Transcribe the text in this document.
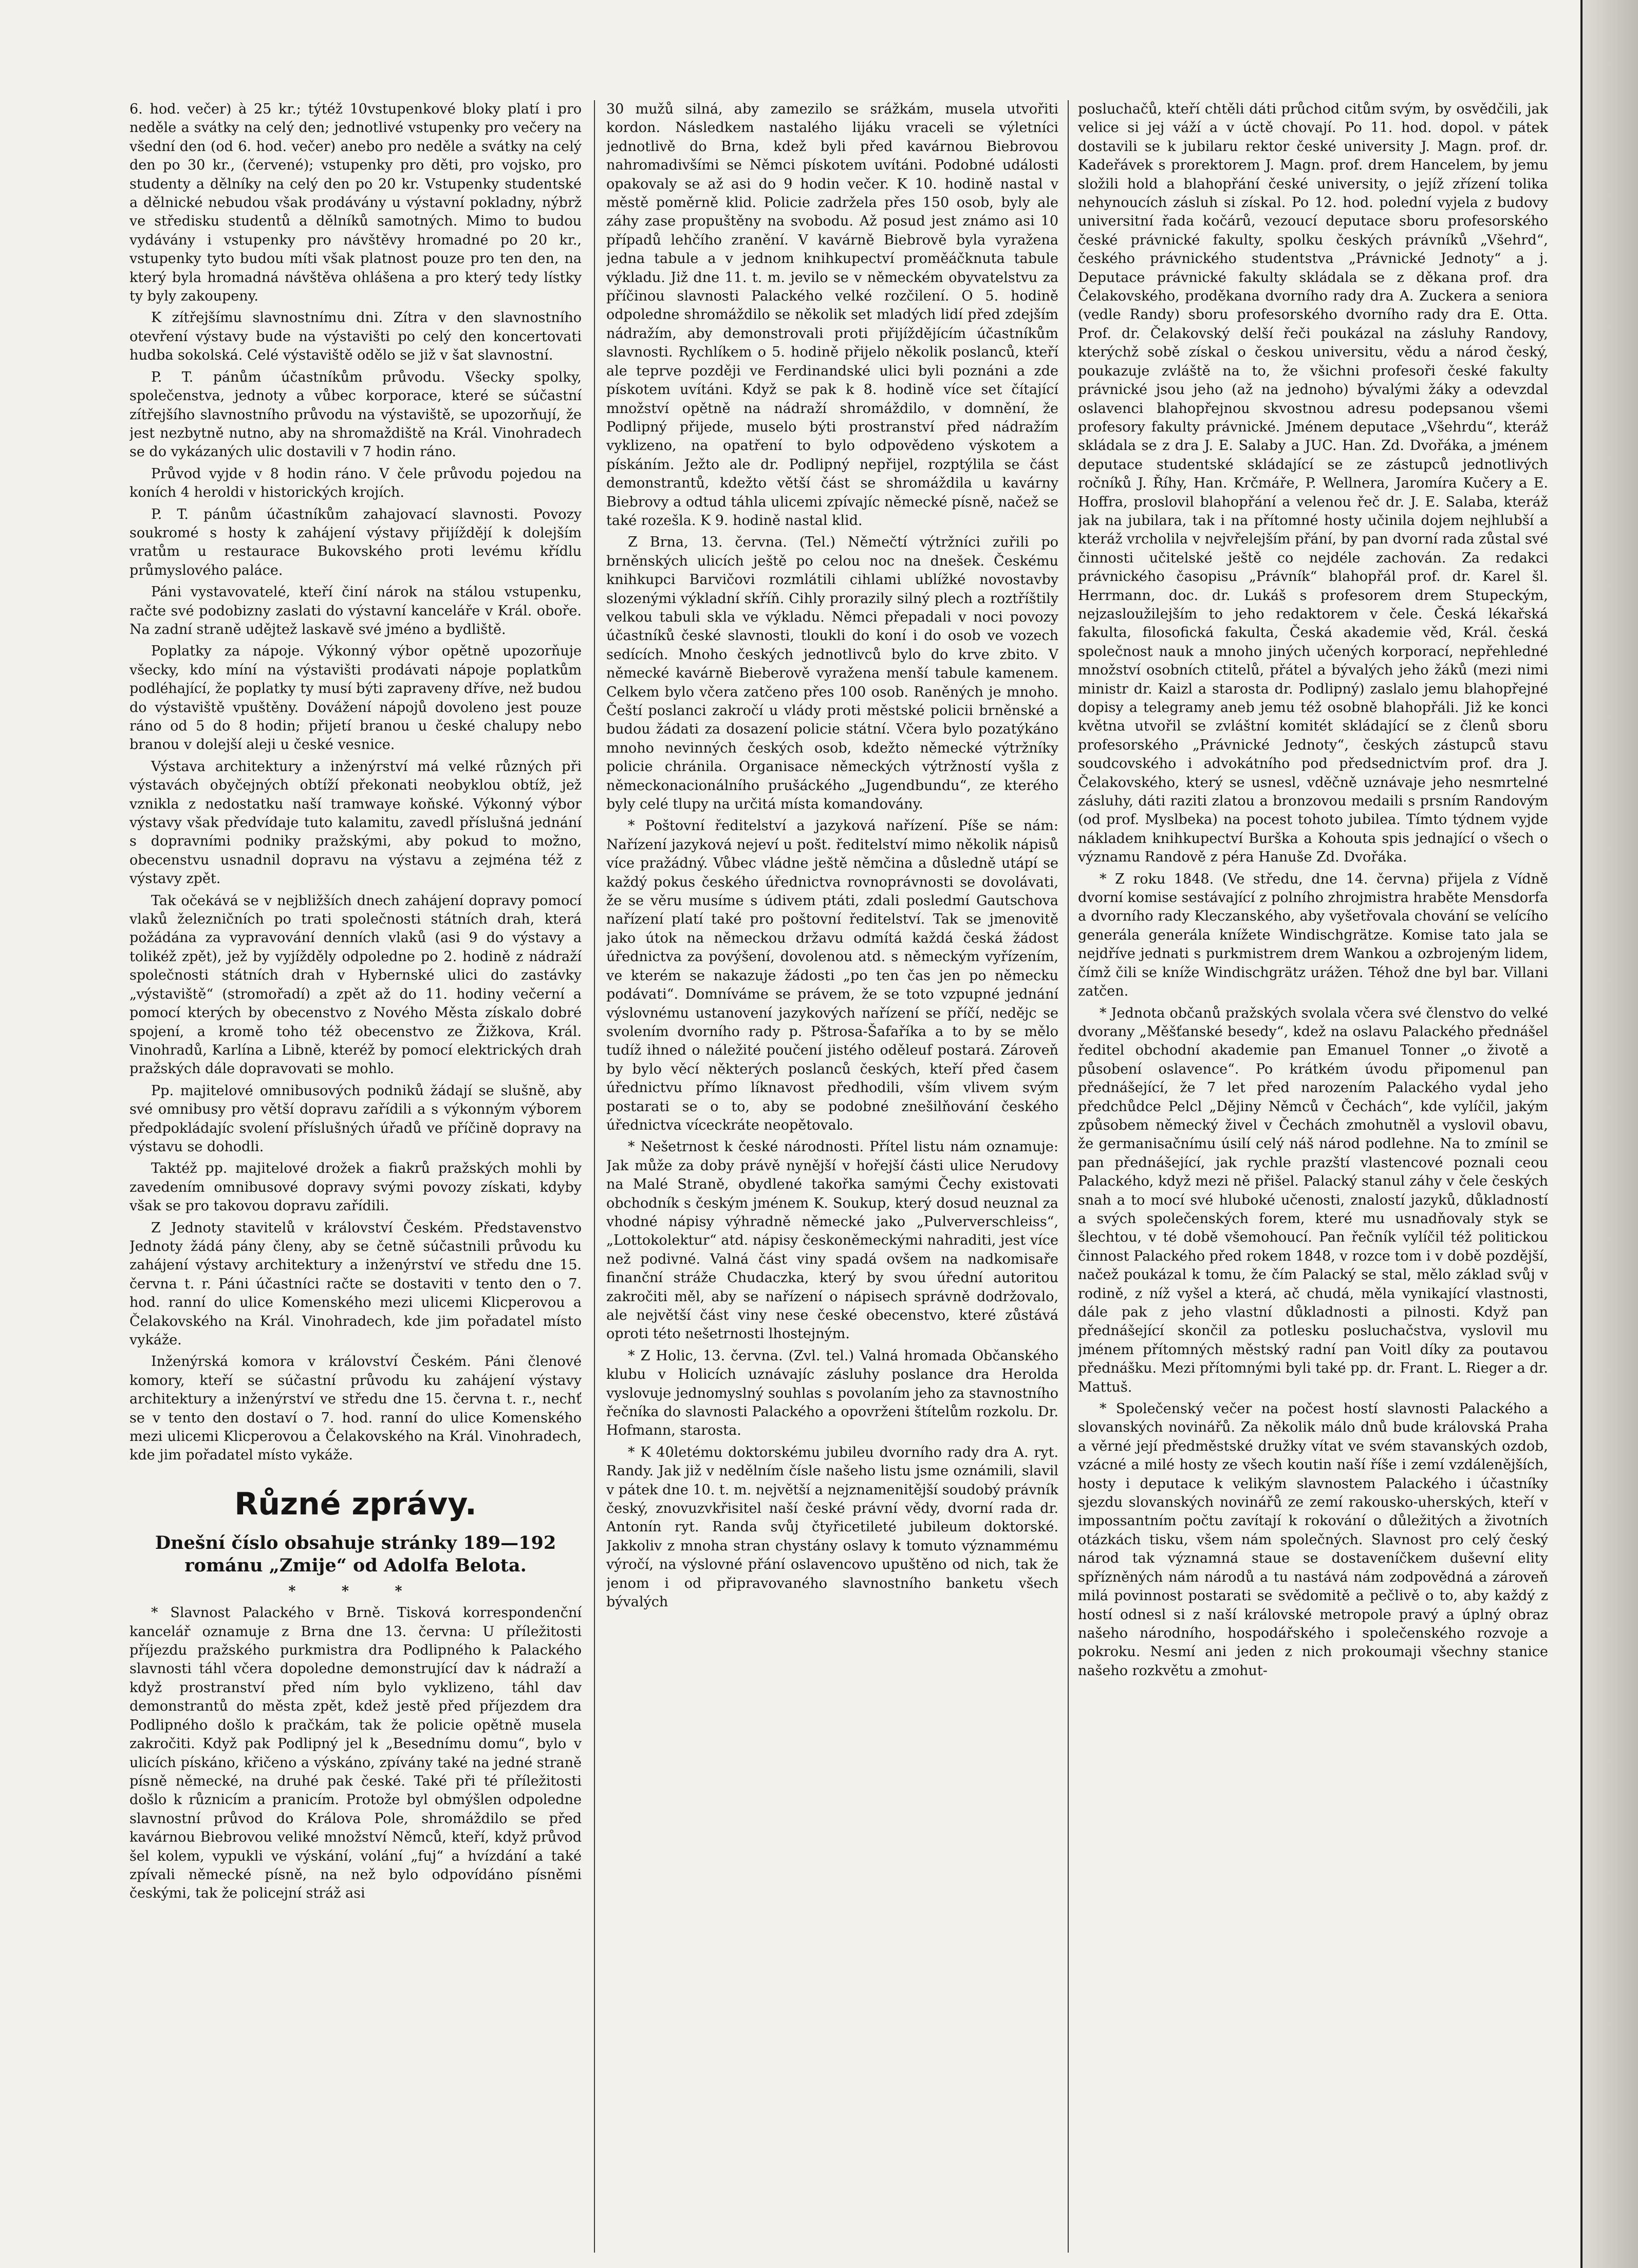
6. hod. večer) à 25 kr.; týtéž 10vstupenkové bloky platí i pro neděle a svátky na celý den; jednotlivé vstupenky pro večery na všední den (od 6. hod. večer) anebo pro neděle a svátky na celý den po 30 kr., (červené); vstupenky pro děti, pro vojsko, pro studenty a dělníky na celý den po 20 kr. Vstupenky studentské a dělnické nebudou však prodávány u výstavní pokladny, nýbrž ve středisku studentů a dělníků samotných. Mimo to budou vydávány i vstupenky pro návštěvy hromadné po 20 kr., vstupenky tyto budou míti však platnost pouze pro ten den, na který byla hromadná návštěva ohlášena a pro který tedy lístky ty byly zakoupeny.

K zítřejšímu slavnostnímu dni. Zítra v den slavnostního otevření výstavy bude na výstavišti po celý den koncertovati hudba sokolská. Celé výstaviště odělo se již v šat slavnostní.

P. T. pánům účastníkům průvodu. Všecky spolky, společenstva, jednoty a vůbec korporace, které se súčastní zítřejšího slavnostního průvodu na výstaviště, se upozorňují, že jest nezbytně nutno, aby na shromaždiště na Král. Vinohradech se do vykázaných ulic dostavili v 7 hodin ráno.

Průvod vyjde v 8 hodin ráno. V čele průvodu pojedou na koních 4 heroldi v historických krojích.

P. T. pánům účastníkům zahajovací slavnosti. Povozy soukromé s hosty k zahájení výstavy přijíždějí k dolejším vratům u restaurace Bukovského proti levému křídlu průmyslového paláce.

Páni vystavovatelé, kteří činí nárok na stálou vstupenku, račte své podobizny zaslati do výstavní kanceláře v Král. oboře. Na zadní straně udějtež laskavě své jméno a bydliště.

Poplatky za nápoje. Výkonný výbor opětně upozorňuje všecky, kdo míní na výstavišti prodávati nápoje poplatkům podléhající, že poplatky ty musí býti zapraveny dříve, než budou do výstaviště vpuštěny. Dovážení nápojů dovoleno jest pouze ráno od 5 do 8 hodin; přijetí branou u české chalupy nebo branou v dolejší aleji u české vesnice.

Výstava architektury a inženýrství má velké různých při výstavách obyčejných obtíží překonati neobyklou obtíž, jež vznikla z nedostatku naší tramwaye koňské. Výkonný výbor výstavy však předvídaje tuto kalamitu, zavedl příslušná jednání s dopravními podniky pražskými, aby pokud to možno, obecenstvu usnadnil dopravu na výstavu a zejména též z výstavy zpět.

Tak očekává se v nejbližších dnech zahájení dopravy pomocí vlaků železničních po trati společnosti státních drah, která požádána za vypravování denních vlaků (asi 9 do výstavy a tolikéž zpět), jež by vyjížděly odpoledne po 2. hodině z nádraží společnosti státních drah v Hybernské ulici do zastávky „výstaviště“ (stromořadí) a zpět až do 11. hodiny večerní a pomocí kterých by obecenstvo z Nového Města získalo dobré spojení, a kromě toho též obecenstvo ze Žižkova, Král. Vinohradů, Karlína a Libně, kteréž by pomocí elektrických drah pražských dále dopravovati se mohlo.

Pp. majitelové omnibusových podniků žádají se slušně, aby své omnibusy pro větší dopravu zařídili a s výkonným výborem předpokládajíc svolení příslušných úřadů ve příčině dopravy na výstavu se dohodli.

Taktéž pp. majitelové drožek a fiakrů pražských mohli by zavedením omnibusové dopravy svými povozy získati, kdyby však se pro takovou dopravu zařídili.

Z Jednoty stavitelů v království Českém. Představenstvo Jednoty žádá pány členy, aby se četně súčastnili průvodu ku zahájení výstavy architektury a inženýrství ve středu dne 15. června t. r. Páni účastníci račte se dostaviti v tento den o 7. hod. ranní do ulice Komenského mezi ulicemi Klicperovou a Čelakovského na Král. Vinohradech, kde jim pořadatel místo vykáže.

Inženýrská komora v království Českém. Páni členové komory, kteří se súčastní průvodu ku zahájení výstavy architektury a inženýrství ve středu dne 15. června t. r., nechť se v tento den dostaví o 7. hod. ranní do ulice Komenského mezi ulicemi Klicperovou a Čelakovského na Král. Vinohradech, kde jim pořadatel místo vykáže.

Různé zprávy.

Dnešní číslo obsahuje stránky 189—192 románu „Zmije“ od Adolfa Belota.

* * *

* Slavnost Palackého v Brně. Tisková korrespondenční kancelář oznamuje z Brna dne 13. června: U příležitosti příjezdu pražského purkmistra dra Podlipného k Palackého slavnosti táhl včera dopoledne demonstrující dav k nádraží a když prostranství před ním bylo vyklizeno, táhl dav demonstrantů do města zpět, kdež jestě před příjezdem dra Podlipného došlo k pračkám, tak že policie opětně musela zakročiti. Když pak Podlipný jel k „Besednímu domu“, bylo v ulicích pískáno, křičeno a výskáno, zpívány také na jedné straně písně německé, na druhé pak české. Také při té příležitosti došlo k různicím a pranicím. Protože byl obmýšlen odpoledne slavnostní průvod do Králova Pole, shromáždilo se před kavárnou Biebrovou veliké množství Němců, kteří, když průvod šel kolem, vypukli ve výskání, volání „fuj“ a hvízdání a také zpívali německé písně, na než bylo odpovídáno písněmi českými, tak že policejní stráž asi

30 mužů silná, aby zamezilo se srážkám, musela utvořiti kordon. Následkem nastalého lijáku vraceli se výletníci jednotlivě do Brna, kdež byli před kavárnou Biebrovou nahromadivšími se Němci pískotem uvítáni. Podobné události opakovaly se až asi do 9 hodin večer. K 10. hodině nastal v městě poměrně klid. Policie zadržela přes 150 osob, byly ale záhy zase propuštěny na svobodu. Až posud jest známo asi 10 případů lehčího zranění. V kavárně Biebrově byla vyražena jedna tabule a v jednom knihkupectví proměáčknuta tabule výkladu. Již dne 11. t. m. jevilo se v německém obyvatelstvu za příčinou slavnosti Palackého velké rozčilení. O 5. hodině odpoledne shromáždilo se několik set mladých lidí před zdejším nádražím, aby demonstrovali proti přijíždějícím účastníkům slavnosti. Rychlíkem o 5. hodině přijelo několik poslanců, kteří ale teprve později ve Ferdinandské ulici byli poznáni a zde pískotem uvítáni. Když se pak k 8. hodině více set čítající množství opětně na nádraží shromáždilo, v domnění, že Podlipný přijede, muselo býti prostranství před nádražím vyklizeno, na opatření to bylo odpovědeno výskotem a pískáním. Ježto ale dr. Podlipný nepřijel, rozptýlila se část demonstrantů, kdežto větší část se shromáždila u kavárny Biebrovy a odtud táhla ulicemi zpívajíc německé písně, načež se také rozešla. K 9. hodině nastal klid.

Z Brna, 13. června. (Tel.) Němečtí výtržníci zuřili po brněnských ulicích ještě po celou noc na dnešek. Českému knihkupci Barvičovi rozmlátili cihlami ublížké novostavby slozenými výkladní skříň. Cihly prorazily silný plech a roztříštily velkou tabuli skla ve výkladu. Němci přepadali v noci povozy účastníků české slavnosti, tloukli do koní i do osob ve vozech sedících. Mnoho českých jednotlivců bylo do krve zbito. V německé kavárně Bieberově vyražena menší tabule kamenem. Celkem bylo včera zatčeno přes 100 osob. Raněných je mnoho. Čeští poslanci zakročí u vlády proti městské policii brněnské a budou žádati za dosazení policie státní. Včera bylo pozatýkáno mnoho nevinných českých osob, kdežto německé výtržníky policie chránila. Organisace německých výtržností vyšla z německonacionálního prušáckého „Jugendbundu“, ze kterého byly celé tlupy na určitá místa komandovány.

* Poštovní ředitelství a jazyková nařízení. Píše se nám: Nařízení jazyková nejeví u pošt. ředitelství mimo několik nápisů více pražádný. Vůbec vládne ještě němčina a důsledně utápí se každý pokus českého úřednictva rovnoprávnosti se dovolávati, že se věru musíme s údivem ptáti, zdali posledmí Gautschova nařízení platí také pro poštovní ředitelství. Tak se jmenovitě jako útok na německou državu odmítá každá česká žádost úřednictva za povýšení, dovolenou atd. s německým vyřízením, ve kterém se nakazuje žádosti „po ten čas jen po německu podávati“. Domníváme se právem, že se toto vzpupné jednání výslovnému ustanovení jazykových nařízení se příčí, nedějc se svolením dvorního rady p. Pštrosa-Šafaříka a to by se mělo tudíž ihned o náležité poučení jistého oděleuf postará. Zároveň by bylo věcí některých poslanců českých, kteří před časem úřednictvu přímo líknavost předhodili, vším vlivem svým postarati se o to, aby se podobné znešilňování českého úřednictva víceckráte neopětovalo.

* Nešetrnost k české národnosti. Přítel listu nám oznamuje: Jak může za doby právě nynější v hořejší části ulice Nerudovy na Malé Straně, obydlené takořka samými Čechy existovati obchodník s českým jménem K. Soukup, který dosud neuznal za vhodné nápisy výhradně německé jako „Pulververschleiss“, „Lottokolektur“ atd. nápisy českoněmeckými nahraditi, jest více než podivné. Valná část viny spadá ovšem na nadkomisaře finanční stráže Chudaczka, který by svou úřední autoritou zakročiti měl, aby se nařízení o nápisech správně dodržovalo, ale největší část viny nese české obecenstvo, které zůstává oproti této nešetrnosti lhostejným.

* Z Holic, 13. června. (Zvl. tel.) Valná hromada Občanského klubu v Holicích uznávajíc zásluhy poslance dra Herolda vyslovuje jednomyslný souhlas s povolaním jeho za stavnostního řečníka do slavnosti Palackého a opovrženi štítelům rozkolu. Dr. Hofmann, starosta.

* K 40letému doktorskému jubileu dvorního rady dra A. ryt. Randy. Jak již v nedělním čísle našeho listu jsme oznámili, slavil v pátek dne 10. t. m. největší a nejznamenitější soudobý právník český, znovuzvkřisitel naší české právní vědy, dvorní rada dr. Antonín ryt. Randa svůj čtyřicetileté jubileum doktorské. Jakkoliv z mnoha stran chystány oslavy k tomuto význammému výročí, na výslovné přání oslavencovo upuštěno od nich, tak že jenom i od připravovaného slavnostního banketu všech bývalých

posluchačů, kteří chtěli dáti průchod citům svým, by osvědčili, jak velice si jej váží a v úctě chovají. Po 11. hod. dopol. v pátek dostavili se k jubilaru rektor české university J. Magn. prof. dr. Kadeřávek s prorektorem J. Magn. prof. drem Hancelem, by jemu složili hold a blahopřání české university, o jejíž zřízení tolika nehynoucích zásluh si získal. Po 12. hod. polední vyjela z budovy universitní řada kočárů, vezoucí deputace sboru profesorského české právnické fakulty, spolku českých právníků „Všehrd“, českého právnického studentstva „Právnické Jednoty“ a j. Deputace právnické fakulty skládala se z děkana prof. dra Čelakovského, proděkana dvorního rady dra A. Zuckera a seniora (vedle Randy) sboru profesorského dvorního rady dra E. Otta. Prof. dr. Čelakovský delší řeči poukázal na zásluhy Randovy, kterýchž sobě získal o českou universitu, vědu a národ český, poukazuje zvláště na to, že všichni profesoři české fakulty právnické jsou jeho (až na jednoho) bývalými žáky a odevzdal oslavenci blahopřejnou skvostnou adresu podepsanou všemi profesory fakulty právnické. Jménem deputace „Všehrdu“, kteráž skládala se z dra J. E. Salaby a JUC. Han. Zd. Dvořáka, a jménem deputace studentské skládající se ze zástupců jednotlivých ročníků J. Říhy, Han. Krčmáře, P. Wellnera, Jaromíra Kučery a E. Hoffra, proslovil blahopřání a velenou řeč dr. J. E. Salaba, kteráž jak na jubilara, tak i na přítomné hosty učinila dojem nejhlubší a kteráž vrcholila v nejvřelejším přání, by pan dvorní rada zůstal své činnosti učitelské ještě co nejdéle zachován. Za redakci právnického časopisu „Právník“ blahopřál prof. dr. Karel šl. Herrmann, doc. dr. Lukáš s profesorem drem Stupeckým, nejzasloužilejším to jeho redaktorem v čele. Česká lékařská fakulta, filosofická fakulta, Česká akademie věd, Král. česká společnost nauk a mnoho jiných učených korporací, nepřehledné množství osobních ctitelů, přátel a bývalých jeho žáků (mezi nimi ministr dr. Kaizl a starosta dr. Podlipný) zaslalo jemu blahopřejné dopisy a telegramy aneb jemu též osobně blahopřáli. Již ke konci května utvořil se zvláštní komitét skládající se z členů sboru profesorského „Právnické Jednoty“, českých zástupců stavu soudcovského i advokátního pod předsednictvím prof. dra J. Čelakovského, který se usnesl, vděčně uznávaje jeho nesmrtelné zásluhy, dáti raziti zlatou a bronzovou medaili s prsním Randovým (od prof. Myslbeka) na pocest tohoto jubilea. Tímto týdnem vyjde nákladem knihkupectví Burška a Kohouta spis jednající o všech o významu Randově z péra Hanuše Zd. Dvořáka.

* Z roku 1848. (Ve středu, dne 14. června) přijela z Vídně dvorní komise sestávající z polního zhrojmistra hraběte Mensdorfa a dvorního rady Kleczanského, aby vyšetřovala chování se velícího generála generála knížete Windischgrätze. Komise tato jala se nejdříve jednati s purkmistrem drem Wankou a ozbrojeným lidem, čímž čili se kníže Windischgrätz urážen. Téhož dne byl bar. Villani zatčen.

* Jednota občanů pražských svolala včera své členstvo do velké dvorany „Měšťanské besedy“, kdež na oslavu Palackého přednášel ředitel obchodní akademie pan Emanuel Tonner „o životě a působení oslavence“. Po krátkém úvodu připomenul pan přednášející, že 7 let před narozením Palackého vydal jeho předchůdce Pelcl „Dějiny Němců v Čechách“, kde vylíčil, jakým způsobem německý živel v Čechách zmohutněl a vyslovil obavu, že germanisačnímu úsilí celý náš národ podlehne. Na to zmínil se pan přednášející, jak rychle prazští vlastencové poznali ceou Palackého, když mezi ně přišel. Palacký stanul záhy v čele českých snah a to mocí své hluboké učenosti, znalostí jazyků, důkladností a svých společenských forem, které mu usnadňovaly styk se šlechtou, v té době všemohoucí. Pan řečník vylíčil též politickou činnost Palackého před rokem 1848, v rozce tom i v době pozdější, načež poukázal k tomu, že čím Palacký se stal, mělo základ svůj v rodině, z níž vyšel a která, ač chudá, měla vynikající vlastnosti, dále pak z jeho vlastní důkladnosti a pilnosti. Když pan přednášející skončil za potlesku posluchačstva, vyslovil mu jménem přítomných městský radní pan Voitl díky za poutavou přednášku. Mezi přítomnými byli také pp. dr. Frant. L. Rieger a dr. Mattuš.

* Společenský večer na počest hostí slavnosti Palackého a slovanských novinářů. Za několik málo dnů bude královská Praha a věrné její předměstské družky vítat ve svém stavanských ozdob, vzácné a milé hosty ze všech koutin naší říše i zemí vzdálenějších, hosty i deputace k velikým slavnostem Palackého i účastníky sjezdu slovanských novinářů ze zemí rakousko-uherských, kteří v impossantním počtu zavítají k rokování o důležitých a životních otázkách tisku, všem nám společných. Slavnost pro celý český národ tak významná staue se dostaveníčkem duševní elity spřízněných nám národů a tu nastává nám zodpovědná a zároveň milá povinnost postarati se svědomitě a pečlivě o to, aby každý z hostí odnesl si z naší královské metropole pravý a úplný obraz našeho národního, hospodářského i společenského rozvoje a pokroku. Nesmí ani jeden z nich prokoumaji všechny stanice našeho rozkvětu a zmohut-
